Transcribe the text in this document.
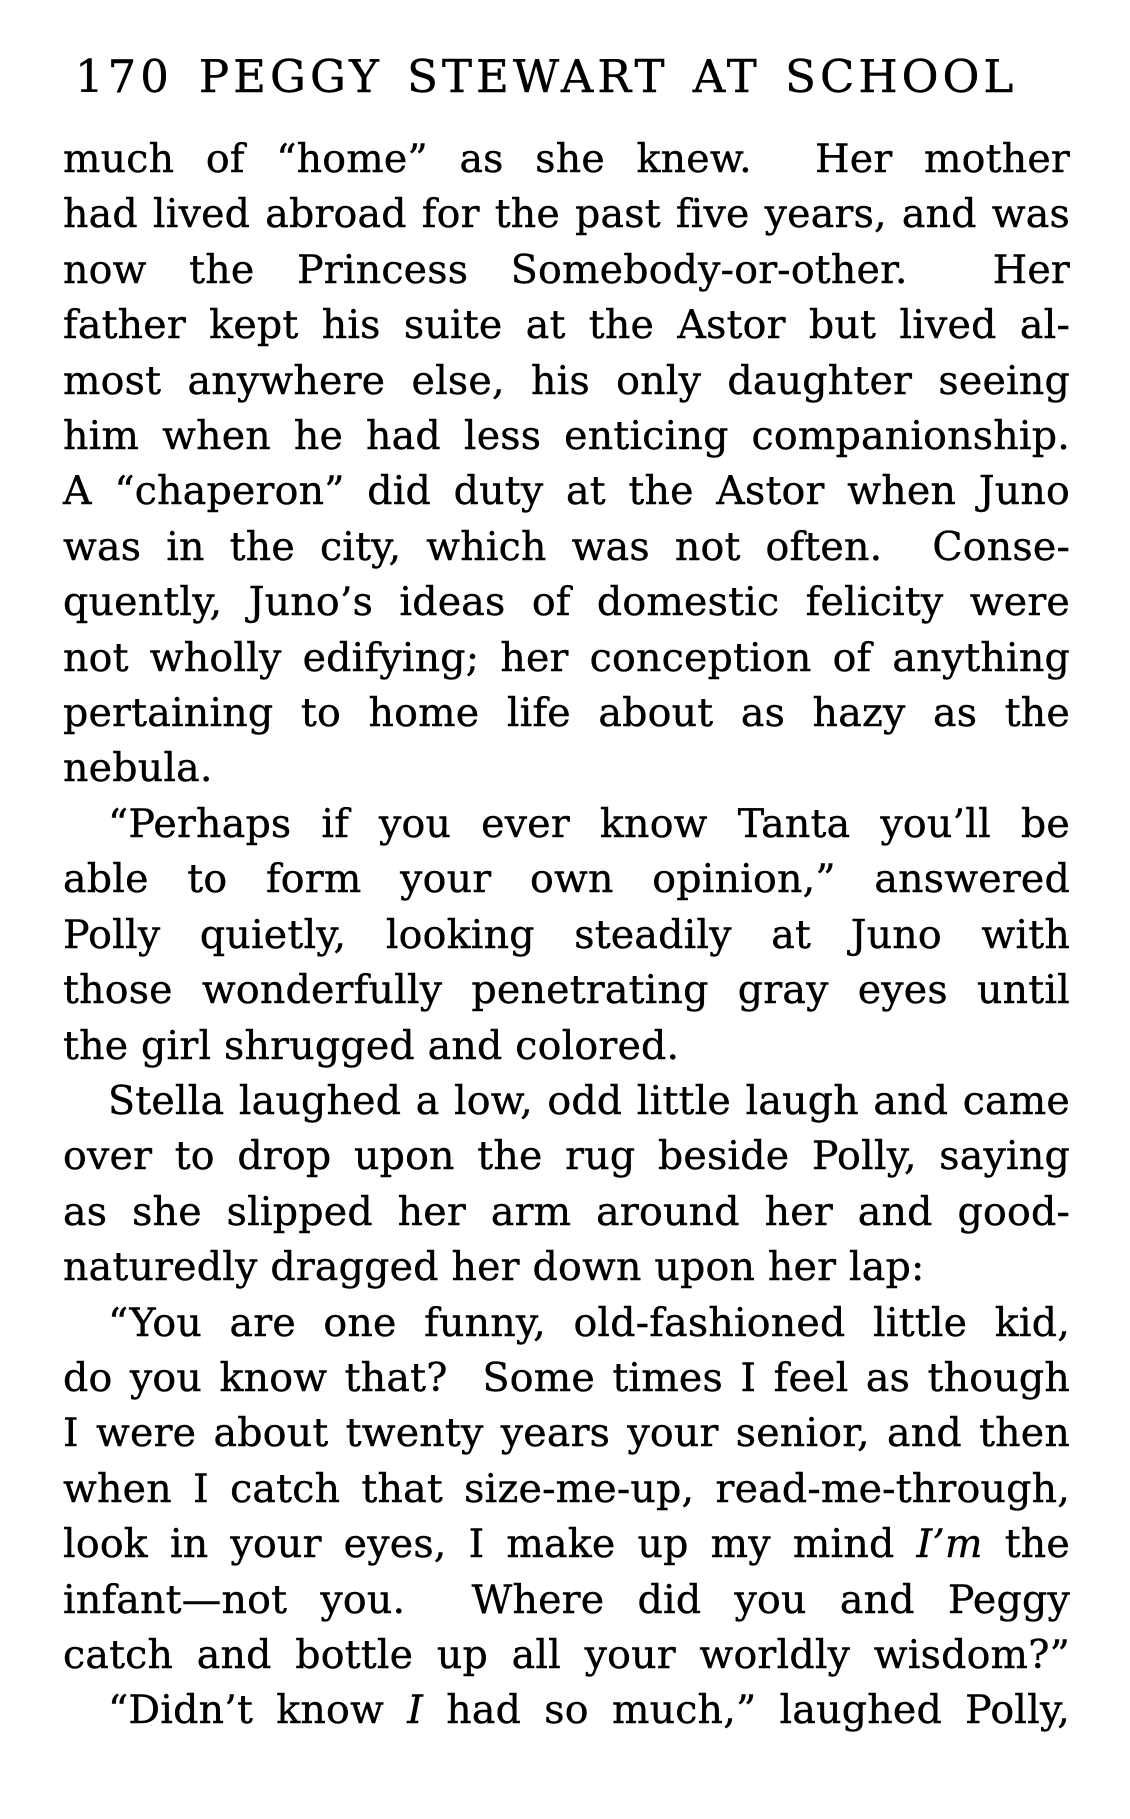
170 PEGGY STEWART AT SCHOOL
much of “home” as she knew.  Her mother
had lived abroad for the past five years, and was
now the Princess Somebody-or-other.  Her
father kept his suite at the Astor but lived al-
most anywhere else, his only daughter seeing
him when he had less enticing companionship.
A “chaperon” did duty at the Astor when Juno
was in the city, which was not often.  Conse-
quently, Juno’s ideas of domestic felicity were
not wholly edifying; her conception of anything
pertaining to home life about as hazy as the
nebula.
“Perhaps if you ever know Tanta you’ll be
able to form your own opinion,” answered
Polly quietly, looking steadily at Juno with
those wonderfully penetrating gray eyes until
the girl shrugged and colored.
Stella laughed a low, odd little laugh and came
over to drop upon the rug beside Polly, saying
as she slipped her arm around her and good-
naturedly dragged her down upon her lap:
“You are one funny, old-fashioned little kid,
do you know that?  Some times I feel as though
I were about twenty years your senior, and then
when I catch that size-me-up, read-me-through,
look in your eyes, I make up my mind I’m the
infant—not you.  Where did you and Peggy
catch and bottle up all your worldly wisdom?”
“Didn’t know I had so much,” laughed Polly,
